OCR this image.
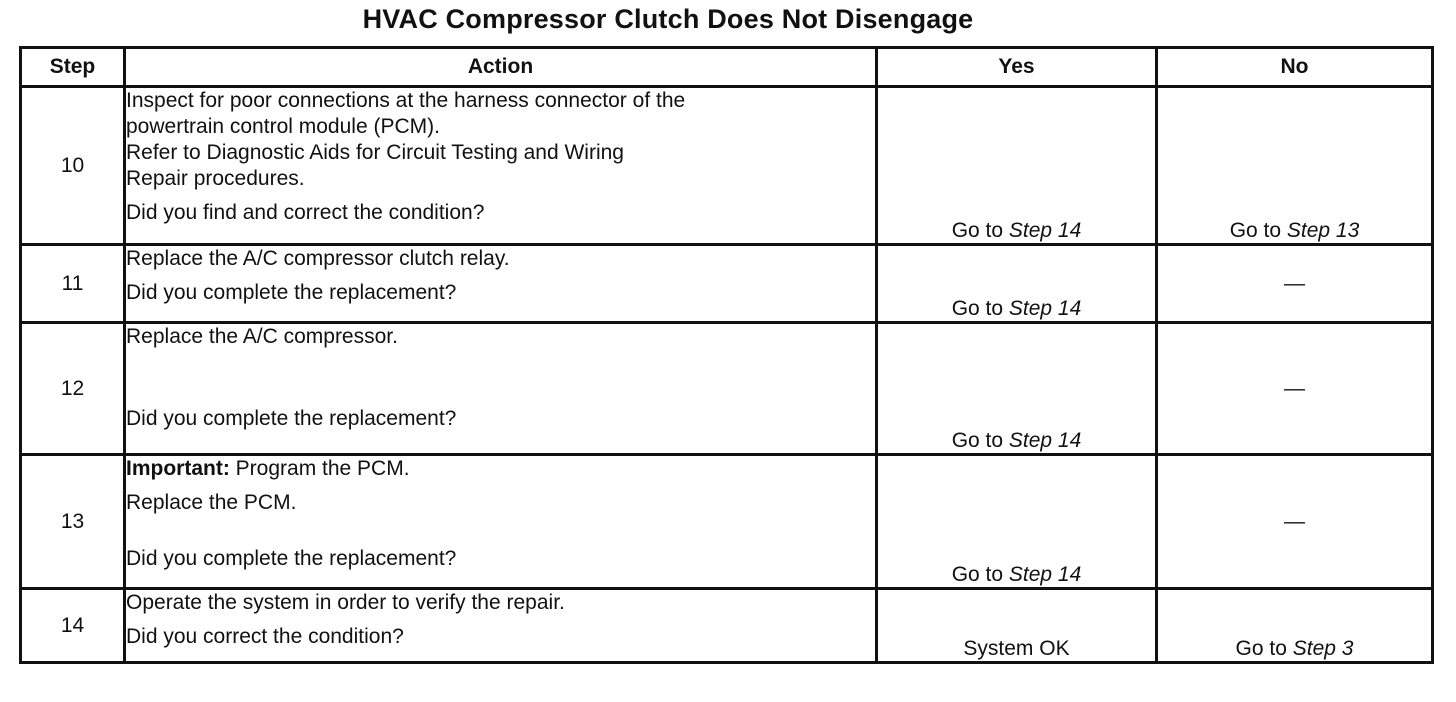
HVAC Compressor Clutch Does Not Disengage
Step	Action	Yes	No
10	Inspect for poor connections at the harness connector of the
powertrain control module (PCM).
Refer to Diagnostic Aids for Circuit Testing and Wiring
Repair procedures.
Did you find and correct the condition?	Go to Step 14	Go to Step 13
11	Replace the A/C compressor clutch relay.
Did you complete the replacement?	Go to Step 14	—
12	Replace the A/C compressor.
Did you complete the replacement?	Go to Step 14	—
13	Important: Program the PCM.
Replace the PCM.
Did you complete the replacement?	Go to Step 14	—
14	Operate the system in order to verify the repair.
Did you correct the condition?	System OK	Go to Step 3
